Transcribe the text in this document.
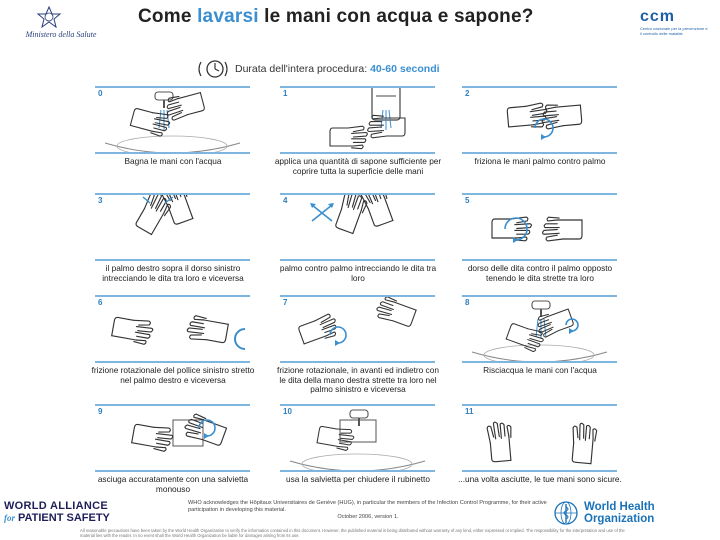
Ministero della Salute
Come lavarsi le mani con acqua e sapone?	ccm
Centro nazionale per la prevenzione e il controllo delle malattie
Durata dell'intera procedura: 40-60 secondi
0
Bagna le mani con l'acqua
1
applica una quantità di sapone sufficiente per coprire tutta la superficie delle mani
2
friziona le mani palmo contro palmo
3
il palmo destro sopra il dorso sinistro intrecciando le dita tra loro e viceversa
4
palmo contro palmo intrecciando le dita tra loro
5
dorso delle dita contro il palmo opposto tenendo le dita strette tra loro
6
frizione rotazionale del pollice sinistro stretto nel palmo destro e viceversa
7
frizione rotazionale, in avanti ed indietro con le dita della mano destra strette tra loro nel palmo sinistro e viceversa
8
Risciacqua le mani con l'acqua
9
asciuga accuratamente con una salvietta monouso
10
usa la salvietta per chiudere il rubinetto
11
...una volta asciutte, le tue mani sono sicure.
WORLD ALLIANCE
for PATIENT SAFETY
WHO acknowledges the Hôpitaux Universitaires de Genève (HUG), in particular the members of the Infection Control Programme, for their active participation in developing this material.
October 2006, version 1.
World Health
Organization
All reasonable precautions have been taken by the World Health Organization to verify the information contained in this document. However, the published material is being distributed without warranty of any kind, either expressed or implied. The responsibility for the interpretation and use of the material lies with the reader. In no event shall the World Health Organization be liable for damages arising from its use.
